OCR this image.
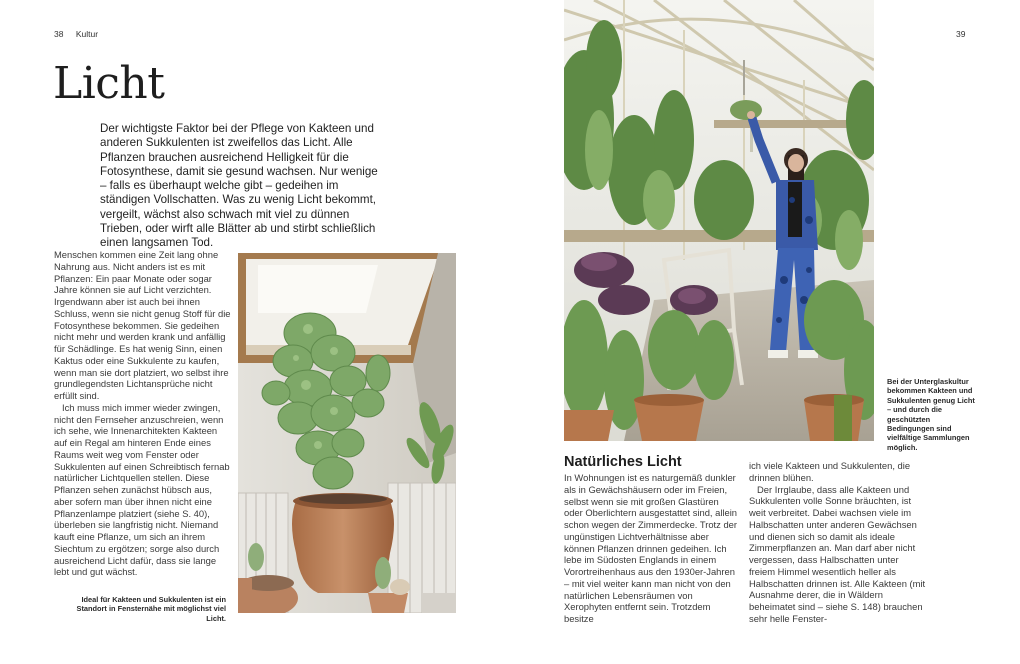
38 Kultur	39
Licht

Der wichtigste Faktor bei der Pflege von Kakteen und anderen Sukkulenten ist zweifellos das Licht. Alle Pflanzen brauchen ausreichend Helligkeit für die Fotosynthese, damit sie gesund wachsen. Nur wenige – falls es überhaupt welche gibt – gedeihen im ständigen Vollschatten. Was zu wenig Licht bekommt, vergeilt, wächst also schwach mit viel zu dünnen Trieben, oder wirft alle Blätter ab und stirbt schließlich einen langsamen Tod.

Menschen kommen eine Zeit lang ohne Nahrung aus. Nicht anders ist es mit Pflanzen: Ein paar Monate oder sogar Jahre können sie auf Licht verzichten. Irgendwann aber ist auch bei ihnen Schluss, wenn sie nicht genug Stoff für die Fotosynthese bekommen. Sie gedeihen nicht mehr und werden krank und anfällig für Schädlinge. Es hat wenig Sinn, einen Kaktus oder eine Sukkulente zu kaufen, wenn man sie dort platziert, wo selbst ihre grundlegendsten Lichtansprüche nicht erfüllt sind.

Ich muss mich immer wieder zwingen, nicht den Fernseher anzuschreien, wenn ich sehe, wie Innenarchitekten Kakteen auf ein Regal am hinteren Ende eines Raums weit weg vom Fenster oder Sukkulenten auf einen Schreibtisch fernab natürlicher Lichtquellen stellen. Diese Pflanzen sehen zunächst hübsch aus, aber sofern man über ihnen nicht eine Pflanzenlampe platziert (siehe S. 40), überleben sie langfristig nicht. Niemand kauft eine Pflanze, um sich an ihrem Siechtum zu ergötzen; sorge also durch ausreichend Licht dafür, dass sie lange lebt und gut wächst.

Ideal für Kakteen und Sukkulenten ist ein Standort in Fensternähe mit möglichst viel Licht.

Bei der Unterglaskultur bekommen Kakteen und Sukkulenten genug Licht – und durch die geschützten Bedingungen sind vielfältige Sammlungen möglich.

Natürliches Licht

In Wohnungen ist es naturgemäß dunkler als in Gewächshäusern oder im Freien, selbst wenn sie mit großen Glastüren oder Oberlichtern ausgestattet sind, allein schon wegen der Zimmerdecke. Trotz der ungünstigen Lichtverhältnisse aber können Pflanzen drinnen gedeihen. Ich lebe im Südosten Englands in einem Vorortreihenhaus aus den 1930er-Jahren – mit viel weiter kann man nicht von den natürlichen Lebensräumen von Xerophyten entfernt sein. Trotzdem besitze

ich viele Kakteen und Sukkulenten, die drinnen blühen.

Der Irrglaube, dass alle Kakteen und Sukkulenten volle Sonne bräuchten, ist weit verbreitet. Dabei wachsen viele im Halbschatten unter anderen Gewächsen und dienen sich so damit als ideale Zimmerpflanzen an. Man darf aber nicht vergessen, dass Halbschatten unter freiem Himmel wesentlich heller als Halbschatten drinnen ist. Alle Kakteen (mit Ausnahme derer, die in Wäldern beheimatet sind – siehe S. 148) brauchen sehr helle Fenster-
